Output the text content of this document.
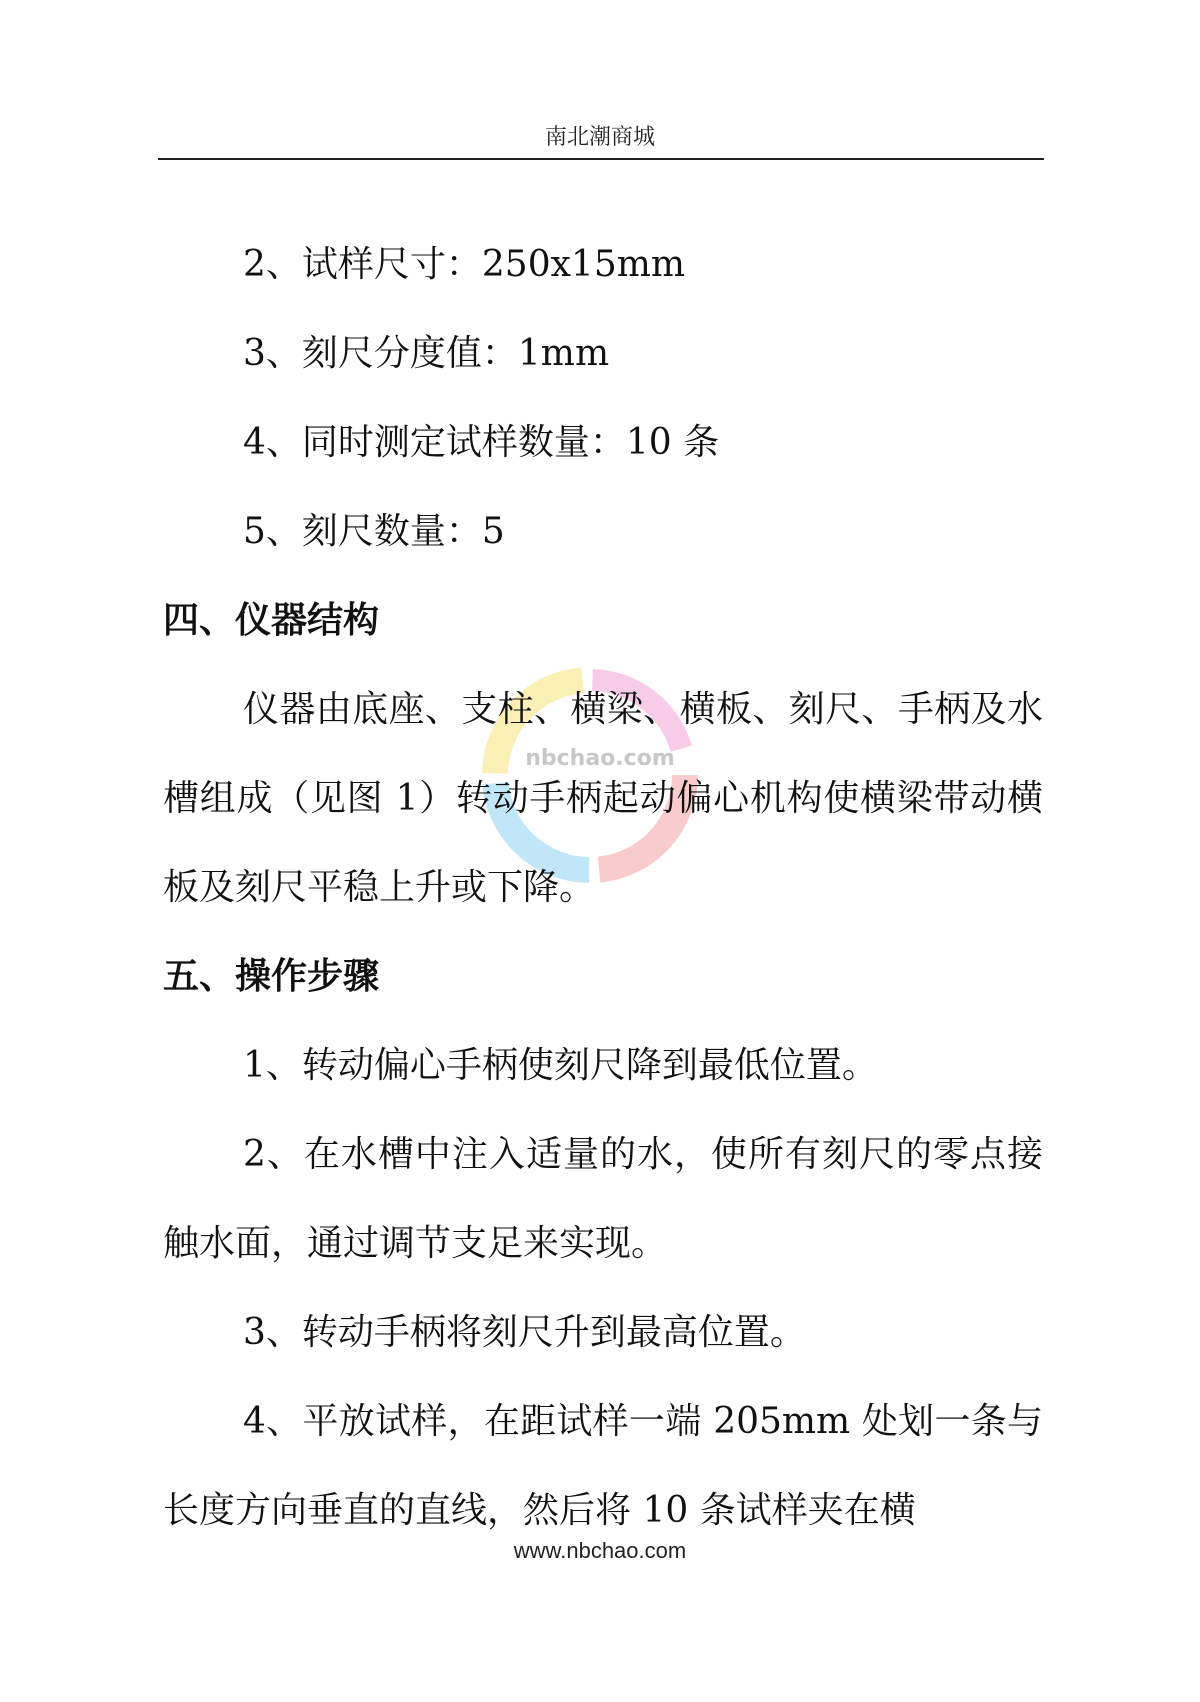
南北潮商城
nbchao.com

2、试样尺寸：250x15mm

3、刻尺分度值：1mm

4、同时测定试样数量：10 条

5、刻尺数量：5

四、仪器结构

仪器由底座、支柱、横梁、横板、刻尺、手柄及水槽组成（见图 1）转动手柄起动偏心机构使横梁带动横板及刻尺平稳上升或下降。

五、操作步骤

1、转动偏心手柄使刻尺降到最低位置。

2、在水槽中注入适量的水，使所有刻尺的零点接触水面，通过调节支足来实现。

3、转动手柄将刻尺升到最高位置。

4、平放试样，在距试样一端 205mm 处划一条与长度方向垂直的直线，然后将 10 条试样夹在横

www.nbchao.com
